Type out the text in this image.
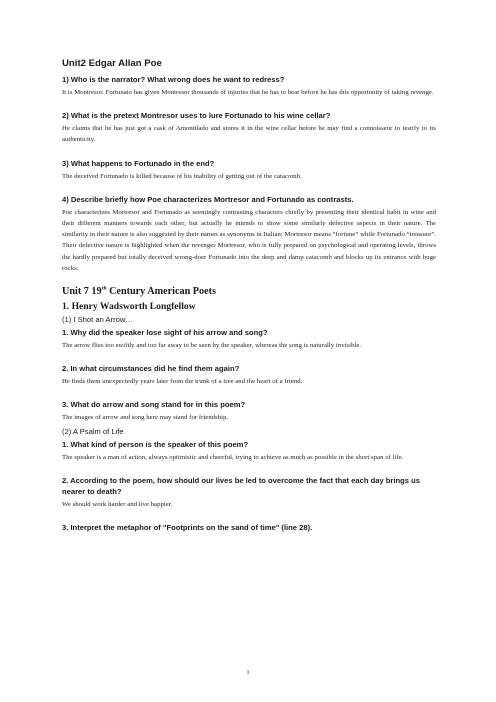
Unit2 Edgar Allan Poe
1) Who is the narrator? What wrong does he want to redress?
It is Montresor. Fortunato has given Montresor thousands of injuries that he has to bear before he has this opportunity of taking revenge.
2) What is the pretext Montresor uses to lure Fortunado to his wine cellar?
He claims that he has just got a cask of Amontilado and stores it in the wine cellar before he may find a connoisseur to testify to its authenticity.
3) What happens to Fortunado in the end?
The deceived Fortunado is killed because of his inability of getting out of the catacomb.
4) Describe briefly how Poe characterizes Mortresor and Fortunado as contrasts.
Poe characterizes Mortresor and Fortunado as seemingly contrasting characters chiefly by presenting their identical habit in wine and their different manners towards each other, but actually he intends to show some similarly defective aspects in their nature. The similarity in their nature is also suggested by their names as synonyms in Italian: Mortresor means “fortune” while Fortunado “treasure”. Their defective nature is highlighted when the revenger Mortresor, who is fully prepared on psychological and operating levels, throws the hardly prepared but totally deceived wrong-doer Fortunado into the deep and damp catacomb and blocks up its entrance with huge rocks.
Unit 7 19th Century American Poets
1. Henry Wadsworth Longfellow
(1) I Shot an Arrow…
1. Why did the speaker lose sight of his arrow and song?
The arrow flies too swiftly and too far away to be seen by the speaker, whereas the song is naturally invisible.
2. In what circumstances did he find them again?
He finds them unexpectedly years later from the trunk of a tree and the heart of a friend.
3. What do arrow and song stand for in this poem?
The images of arrow and song here may stand for friendship.
(2) A Psalm of Life
1. What kind of person is the speaker of this poem?
The speaker is a man of action, always optimistic and cheerful, trying to achieve as much as possible in the short span of life.
2. According to the poem, how should our lives be led to overcome the fact that each day brings us nearer to death?
We should work harder and live happier.
3. Interpret the metaphor of "Footprints on the sand of time" (line 28).
1
